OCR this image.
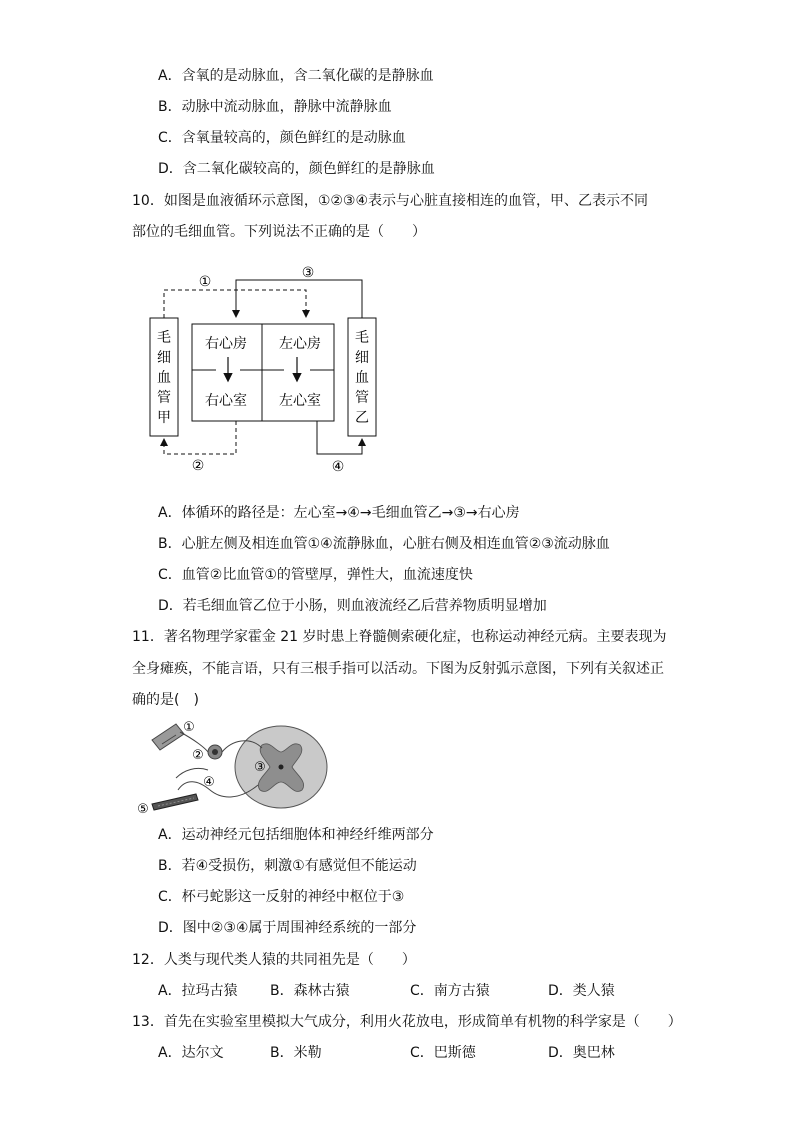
A．含氧的是动脉血，含二氧化碳的是静脉血
B．动脉中流动脉血，静脉中流静脉血
C．含氧量较高的，颜色鲜红的是动脉血
D．含二氧化碳较高的，颜色鲜红的是静脉血
10．如图是血液循环示意图，①②③④表示与心脏直接相连的血管，甲、乙表示不同
部位的毛细血管。下列说法不正确的是（　　）
①
③
②	④
右心房 左心房
右心室 左心室
毛
细
血
管
甲
毛
细
血
管
乙
A．体循环的路径是：左心室→④→毛细血管乙→③→右心房
B．心脏左侧及相连血管①④流静脉血，心脏右侧及相连血管②③流动脉血
C．血管②比血管①的管壁厚，弹性大，血流速度快
D．若毛细血管乙位于小肠，则血液流经乙后营养物质明显增加
11．著名物理学家霍金 21 岁时患上脊髓侧索硬化症，也称运动神经元病。主要表现为
全身瘫痪，不能言语，只有三根手指可以活动。下图为反射弧示意图，下列有关叙述正
确的是(　)
①
②
③
④
⑤
A．运动神经元包括细胞体和神经纤维两部分
B．若④受损伤，刺激①有感觉但不能运动
C．杯弓蛇影这一反射的神经中枢位于③
D．图中②③④属于周围神经系统的一部分
12．人类与现代类人猿的共同祖先是（　　）
A．拉玛古猿 B．森林古猿	C．南方古猿	D．类人猿
13．首先在实验室里模拟大气成分，利用火花放电，形成简单有机物的科学家是（　　）
A．达尔文	B．米勒	C．巴斯德	D．奥巴林
